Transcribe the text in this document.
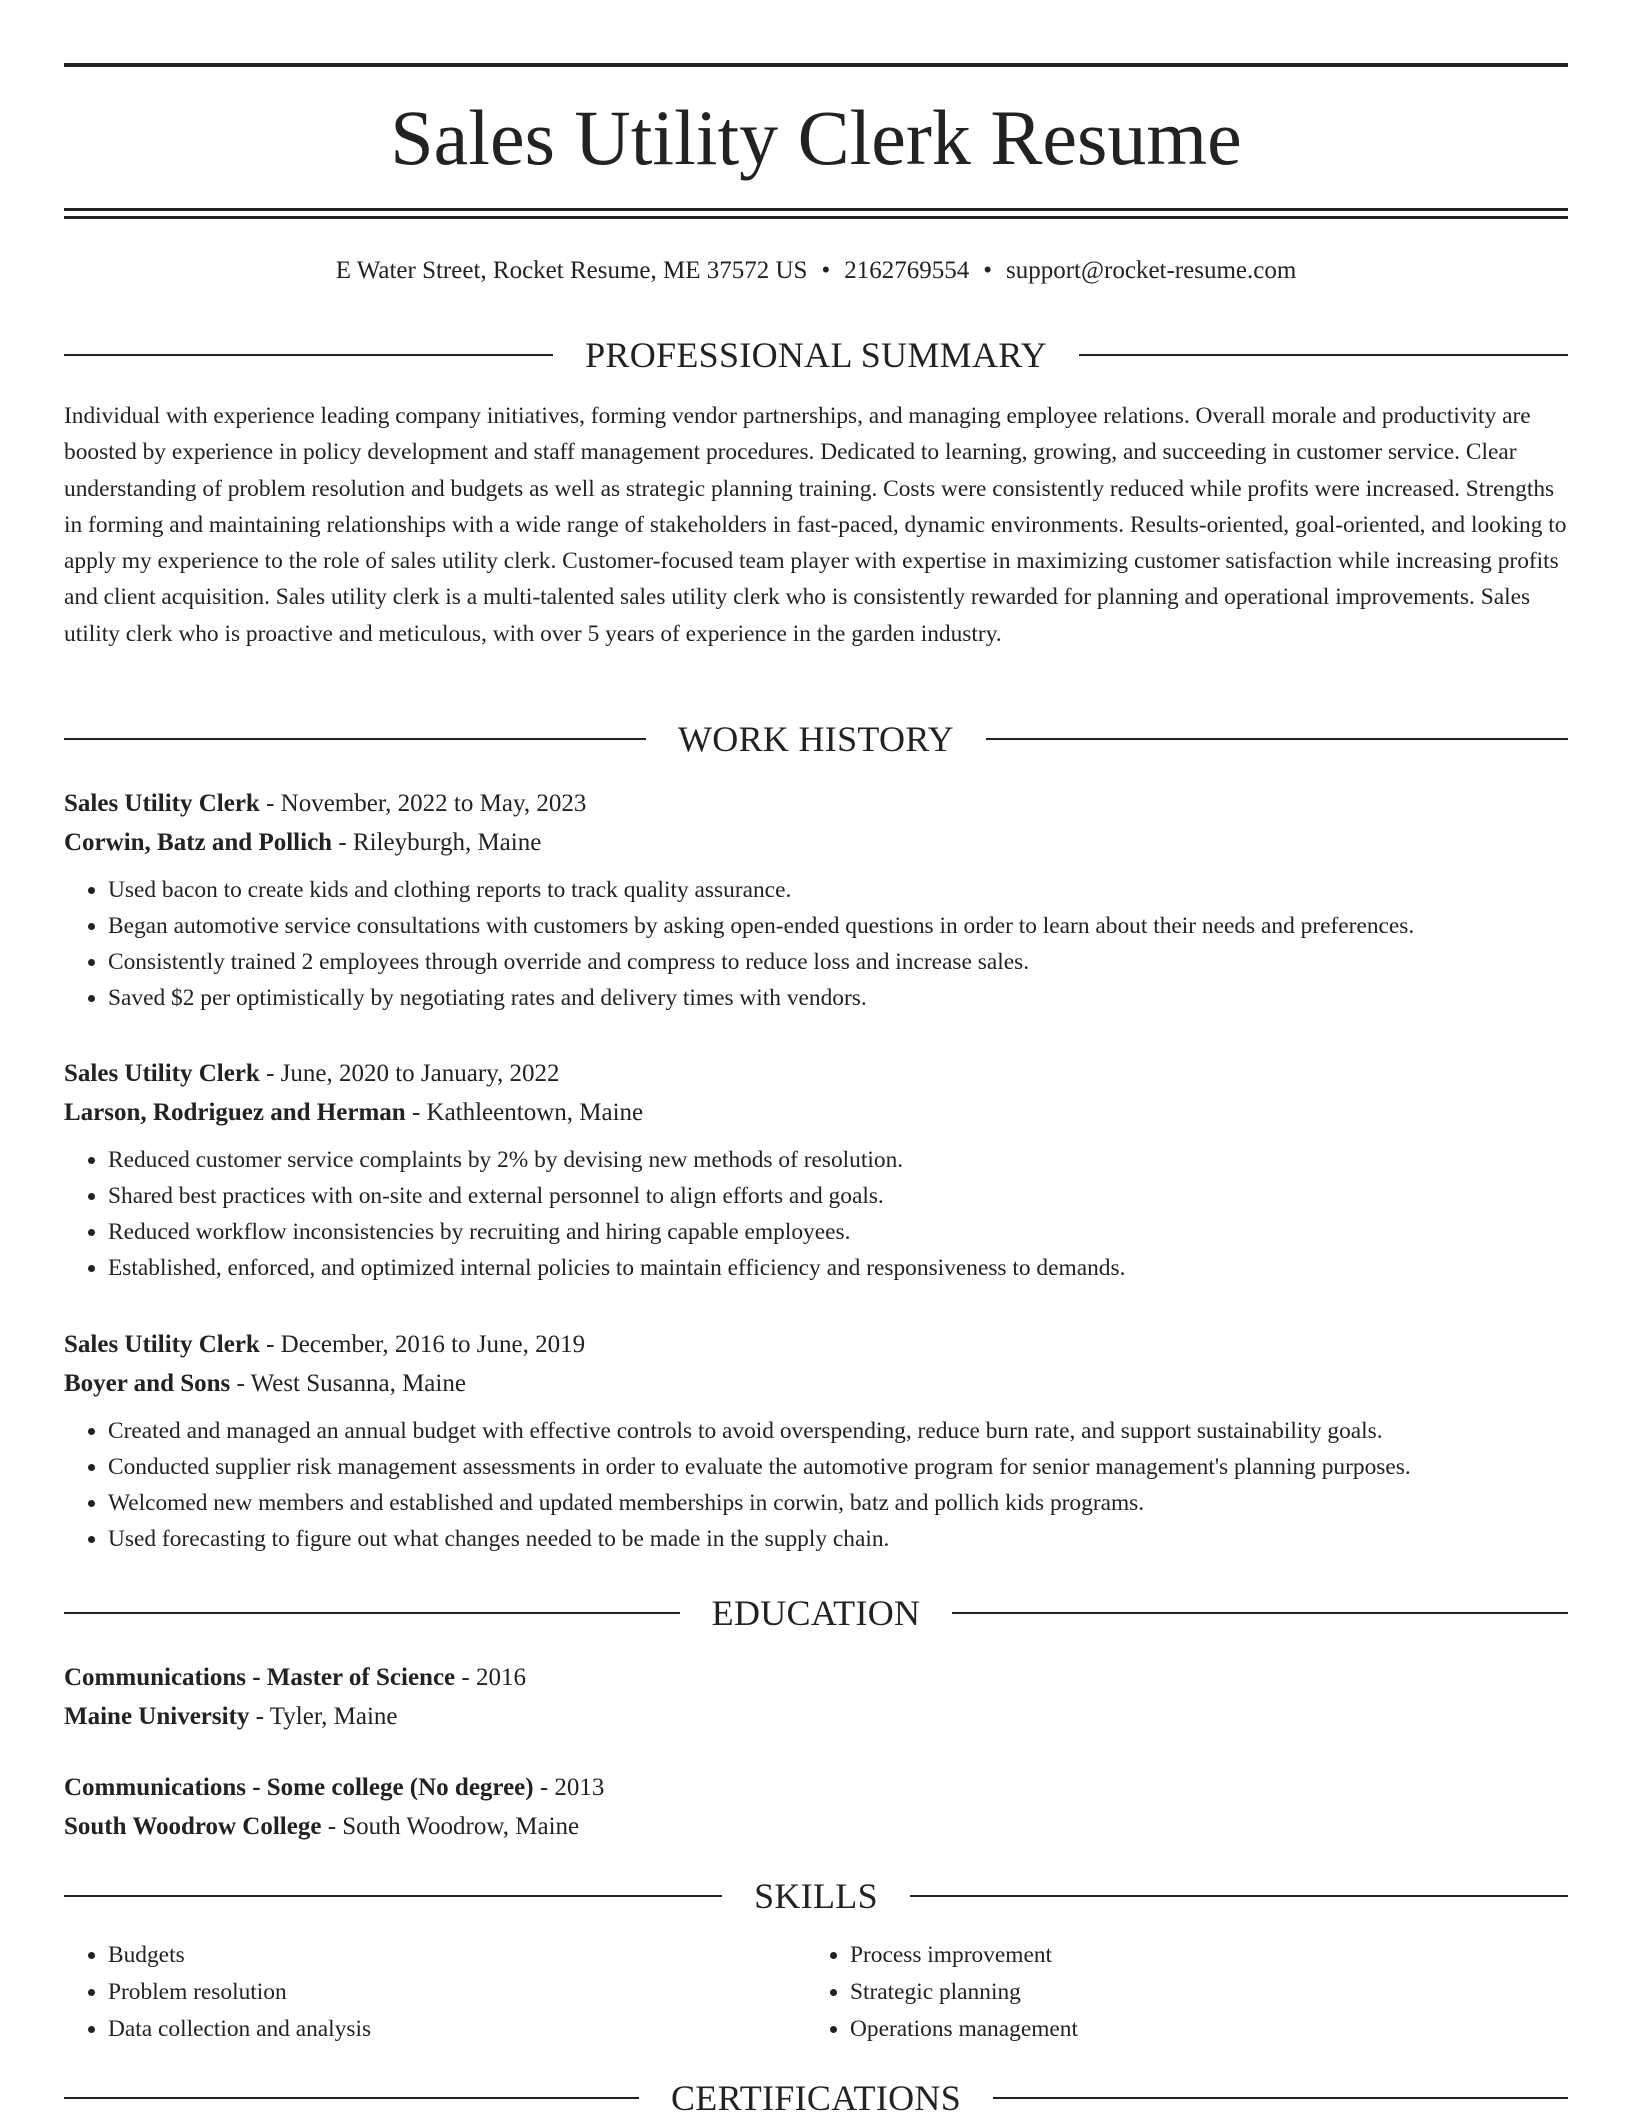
Sales Utility Clerk Resume
E Water Street, Rocket Resume, ME 37572 US • 2162769554 • support@rocket-resume.com
PROFESSIONAL SUMMARY

Individual with experience leading company initiatives, forming vendor partnerships, and managing employee relations. Overall morale and productivity are boosted by experience in policy development and staff management procedures. Dedicated to learning, growing, and succeeding in customer service. Clear understanding of problem resolution and budgets as well as strategic planning training. Costs were consistently reduced while profits were increased. Strengths in forming and maintaining relationships with a wide range of stakeholders in fast-paced, dynamic environments. Results-oriented, goal-oriented, and looking to apply my experience to the role of sales utility clerk. Customer-focused team player with expertise in maximizing customer satisfaction while increasing profits and client acquisition. Sales utility clerk is a multi-talented sales utility clerk who is consistently rewarded for planning and operational improvements. Sales utility clerk who is proactive and meticulous, with over 5 years of experience in the garden industry.

WORK HISTORY
Sales Utility Clerk - November, 2022 to May, 2023
Corwin, Batz and Pollich - Rileyburgh, Maine
• Used bacon to create kids and clothing reports to track quality assurance.
• Began automotive service consultations with customers by asking open-ended questions in order to learn about their needs and preferences.
• Consistently trained 2 employees through override and compress to reduce loss and increase sales.
• Saved $2 per optimistically by negotiating rates and delivery times with vendors.
Sales Utility Clerk - June, 2020 to January, 2022
Larson, Rodriguez and Herman - Kathleentown, Maine
• Reduced customer service complaints by 2% by devising new methods of resolution.
• Shared best practices with on-site and external personnel to align efforts and goals.
• Reduced workflow inconsistencies by recruiting and hiring capable employees.
• Established, enforced, and optimized internal policies to maintain efficiency and responsiveness to demands.
Sales Utility Clerk - December, 2016 to June, 2019
Boyer and Sons - West Susanna, Maine
• Created and managed an annual budget with effective controls to avoid overspending, reduce burn rate, and support sustainability goals.
• Conducted supplier risk management assessments in order to evaluate the automotive program for senior management's planning purposes.
• Welcomed new members and established and updated memberships in corwin, batz and pollich kids programs.
• Used forecasting to figure out what changes needed to be made in the supply chain.
EDUCATION
Communications - Master of Science - 2016
Maine University - Tyler, Maine
Communications - Some college (No degree) - 2013
South Woodrow College - South Woodrow, Maine
SKILLS
• Budgets
• Problem resolution
• Data collection and analysis
• Process improvement
• Strategic planning
• Operations management
CERTIFICATIONS
